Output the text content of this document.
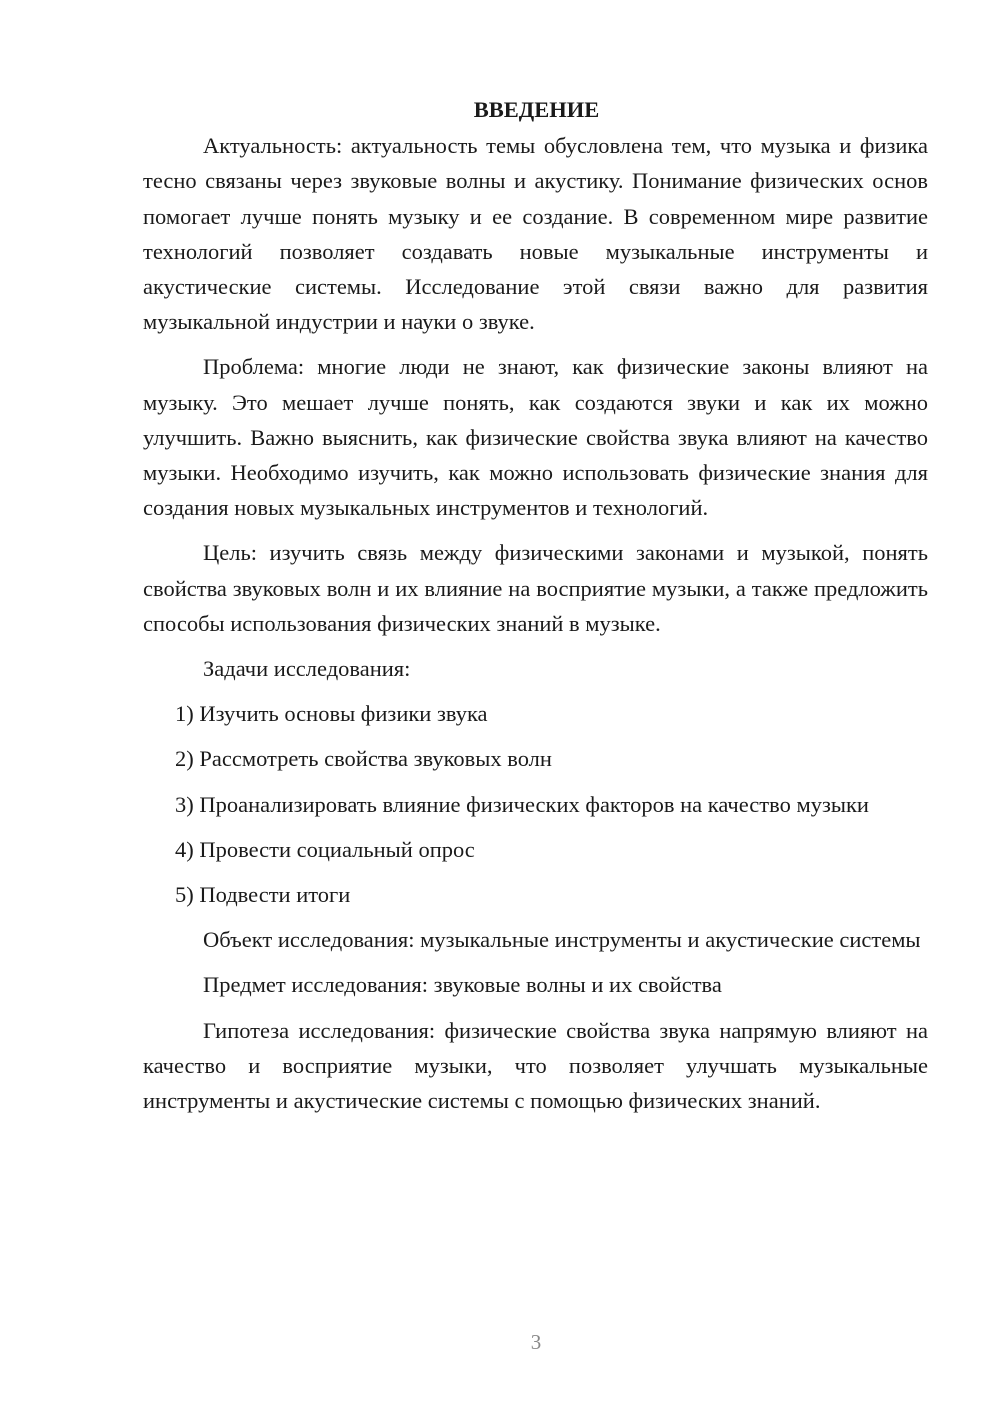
ВВЕДЕНИЕ

Актуальность: актуальность темы обусловлена тем, что музыка и физика тесно связаны через звуковые волны и акустику. Понимание физических основ помогает лучше понять музыку и ее создание. В современном мире развитие технологий позволяет создавать новые музыкальные инструменты и акустические системы. Исследование этой связи важно для развития музыкальной индустрии и науки о звуке.

Проблема: многие люди не знают, как физические законы влияют на музыку. Это мешает лучше понять, как создаются звуки и как их можно улучшить. Важно выяснить, как физические свойства звука влияют на качество музыки. Необходимо изучить, как можно использовать физические знания для создания новых музыкальных инструментов и технологий.

Цель: изучить связь между физическими законами и музыкой, понять свойства звуковых волн и их влияние на восприятие музыки, а также предложить способы использования физических знаний в музыке.

Задачи исследования:

1) Изучить основы физики звука

2) Рассмотреть свойства звуковых волн

3) Проанализировать влияние физических факторов на качество музыки

4) Провести социальный опрос

5) Подвести итоги

Объект исследования: музыкальные инструменты и акустические системы

Предмет исследования: звуковые волны и их свойства

Гипотеза исследования: физические свойства звука напрямую влияют на качество и восприятие музыки, что позволяет улучшать музыкальные инструменты и акустические системы с помощью физических знаний.

3
